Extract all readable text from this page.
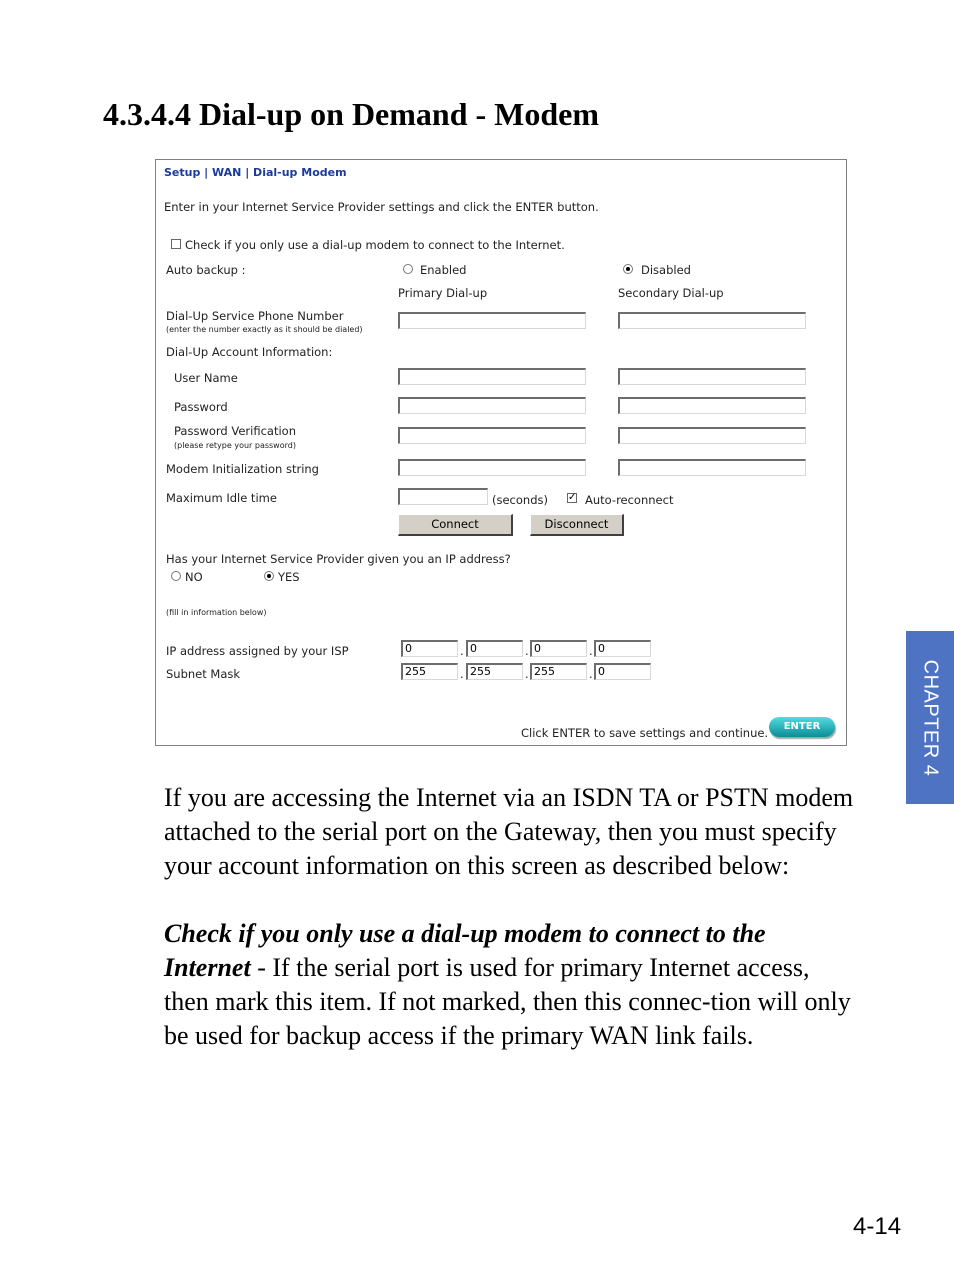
4.3.4.4 Dial-up on Demand - Modem
Setup | WAN | Dial-up Modem
Enter in your Internet Service Provider settings and click the ENTER button.
Check if you only use a dial-up modem to connect to the Internet.
Auto backup :	Enabled	Disabled
Primary Dial-up	Secondary Dial-up
Dial-Up Service Phone Number
(enter the number exactly as it should be dialed)
Dial-Up Account Information:
User Name
Password
Password Verification
(please retype your password)
Modem Initialization string
Maximum Idle time	(seconds) ✓ Auto-reconnect
Connect	Disconnect
Has your Internet Service Provider given you an IP address?
NO	YES
(fill in information below)
IP address assigned by your ISP	0	. 0	. 0	. 0
Subnet Mask	255	. 255	. 255	. 0
Click ENTER to save settings and continue.	ENTER

If you are accessing the Internet via an ISDN TA or PSTN modem attached to the serial port on the Gateway, then you must specify your account information on this screen as described below:

Check if you only use a dial-up modem to connect to the Internet - If the serial port is used for primary Internet access, then mark this item. If not marked, then this connec-tion will only be used for backup access if the primary WAN link fails.

CHAPTER 4
4-14
